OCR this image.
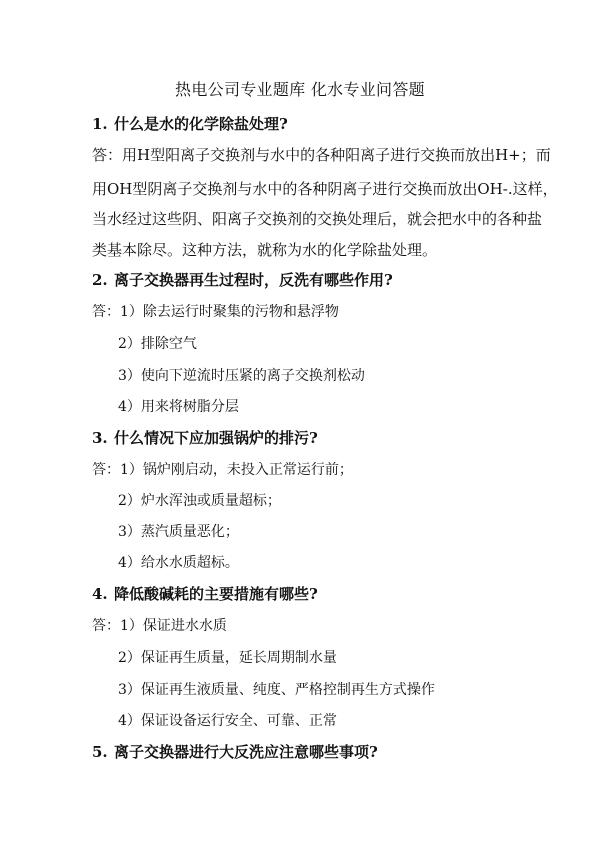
热电公司专业题库 化水专业问答题
1. 什么是水的化学除盐处理?
答：用H型阳离子交换剂与水中的各种阳离子进行交换而放出H+；而
用OH型阴离子交换剂与水中的各种阴离子进行交换而放出OH-.这样，
当水经过这些阴、阳离子交换剂的交换处理后，就会把水中的各种盐
类基本除尽。这种方法，就称为水的化学除盐处理。
2. 离子交换器再生过程时，反洗有哪些作用?
答：1）除去运行时聚集的污物和悬浮物
2）排除空气
3）使向下逆流时压紧的离子交换剂松动
4）用来将树脂分层
3. 什么情况下应加强锅炉的排污?
答：1）锅炉刚启动，未投入正常运行前；
2）炉水浑浊或质量超标；
3）蒸汽质量恶化；
4）给水水质超标。
4. 降低酸碱耗的主要措施有哪些?
答：1）保证进水水质
2）保证再生质量，延长周期制水量
3）保证再生液质量、纯度、严格控制再生方式操作
4）保证设备运行安全、可靠、正常
5. 离子交换器进行大反洗应注意哪些事项?
